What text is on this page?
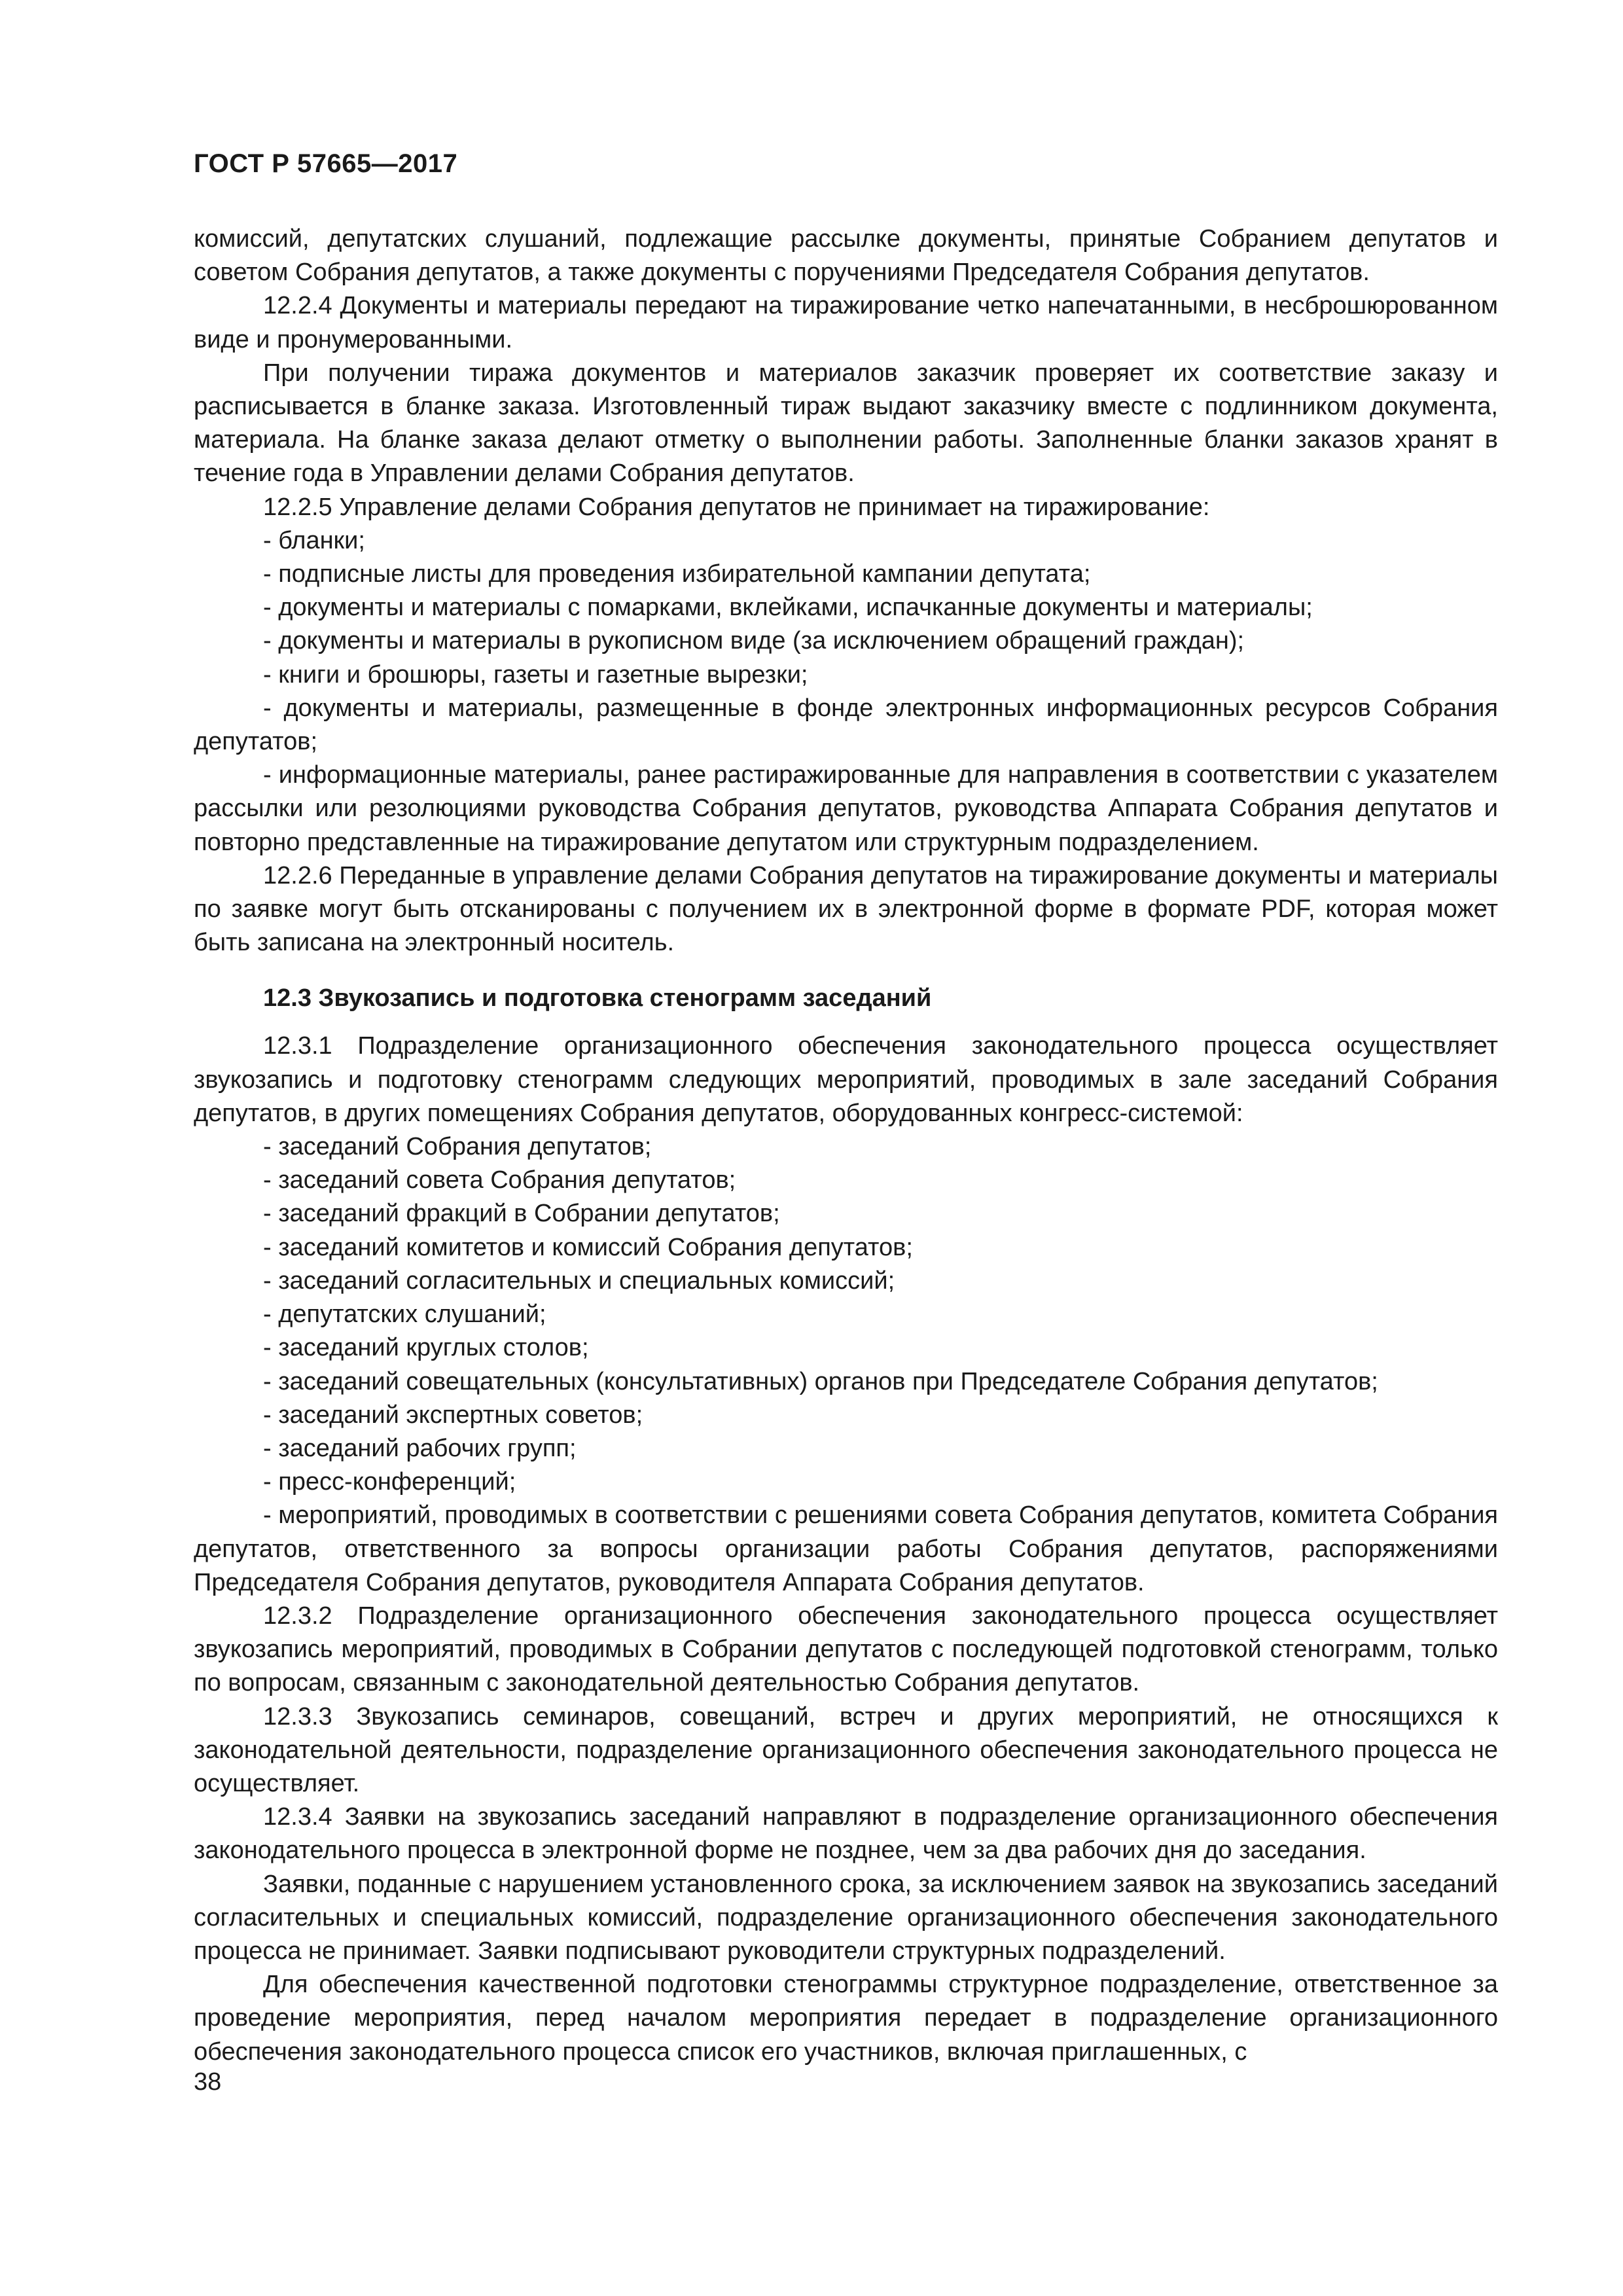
ГОСТ Р 57665—2017

комиссий, депутатских слушаний, подлежащие рассылке документы, принятые Собранием депутатов и советом Собрания депутатов, а также документы с поручениями Председателя Собрания депутатов.

12.2.4 Документы и материалы передают на тиражирование четко напечатанными, в несброшюрованном виде и пронумерованными.

При получении тиража документов и материалов заказчик проверяет их соответствие заказу и расписывается в бланке заказа. Изготовленный тираж выдают заказчику вместе с подлинником документа, материала. На бланке заказа делают отметку о выполнении работы. Заполненные бланки заказов хранят в течение года в Управлении делами Собрания депутатов.

12.2.5 Управление делами Собрания депутатов не принимает на тиражирование:

- бланки;

- подписные листы для проведения избирательной кампании депутата;

- документы и материалы с помарками, вклейками, испачканные документы и материалы;

- документы и материалы в рукописном виде (за исключением обращений граждан);

- книги и брошюры, газеты и газетные вырезки;

- документы и материалы, размещенные в фонде электронных информационных ресурсов Собрания депутатов;

- информационные материалы, ранее растиражированные для направления в соответствии с указателем рассылки или резолюциями руководства Собрания депутатов, руководства Аппарата Собрания депутатов и повторно представленные на тиражирование депутатом или структурным подразделением.

12.2.6 Переданные в управление делами Собрания депутатов на тиражирование документы и материалы по заявке могут быть отсканированы с получением их в электронной форме в формате PDF, которая может быть записана на электронный носитель.

12.3 Звукозапись и подготовка стенограмм заседаний

12.3.1 Подразделение организационного обеспечения законодательного процесса осуществляет звукозапись и подготовку стенограмм следующих мероприятий, проводимых в зале заседаний Собрания депутатов, в других помещениях Собрания депутатов, оборудованных конгресс-системой:

- заседаний Собрания депутатов;

- заседаний совета Собрания депутатов;

- заседаний фракций в Собрании депутатов;

- заседаний комитетов и комиссий Собрания депутатов;

- заседаний согласительных и специальных комиссий;

- депутатских слушаний;

- заседаний круглых столов;

- заседаний совещательных (консультативных) органов при Председателе Собрания депутатов;

- заседаний экспертных советов;

- заседаний рабочих групп;

- пресс-конференций;

- мероприятий, проводимых в соответствии с решениями совета Собрания депутатов, комитета Собрания депутатов, ответственного за вопросы организации работы Собрания депутатов, распоряжениями Председателя Собрания депутатов, руководителя Аппарата Собрания депутатов.

12.3.2 Подразделение организационного обеспечения законодательного процесса осуществляет звукозапись мероприятий, проводимых в Собрании депутатов с последующей подготовкой стенограмм, только по вопросам, связанным с законодательной деятельностью Собрания депутатов.

12.3.3 Звукозапись семинаров, совещаний, встреч и других мероприятий, не относящихся к законодательной деятельности, подразделение организационного обеспечения законодательного процесса не осуществляет.

12.3.4 Заявки на звукозапись заседаний направляют в подразделение организационного обеспечения законодательного процесса в электронной форме не позднее, чем за два рабочих дня до заседания.

Заявки, поданные с нарушением установленного срока, за исключением заявок на звукозапись заседаний согласительных и специальных комиссий, подразделение организационного обеспечения законодательного процесса не принимает. Заявки подписывают руководители структурных подразделений.

Для обеспечения качественной подготовки стенограммы структурное подразделение, ответственное за проведение мероприятия, перед началом мероприятия передает в подразделение организационного обеспечения законодательного процесса список его участников, включая приглашенных, с

38
